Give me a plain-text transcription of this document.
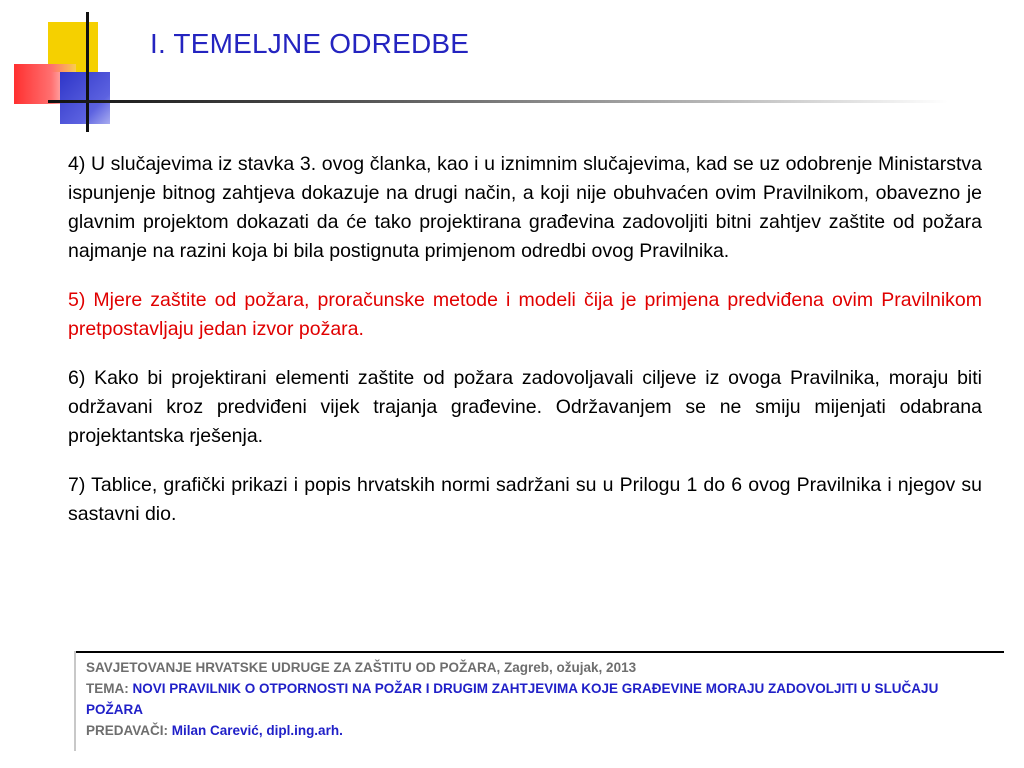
I. TEMELJNE ODREDBE

4) U slučajevima iz stavka 3. ovog članka, kao i u iznimnim slučajevima, kad se uz odobrenje Ministarstva ispunjenje bitnog zahtjeva dokazuje na drugi način, a koji nije obuhvaćen ovim Pravilnikom, obavezno je glavnim projektom dokazati da će tako projektirana građevina zadovoljiti bitni zahtjev zaštite od požara najmanje na razini koja bi bila postignuta primjenom odredbi ovog Pravilnika.

5) Mjere zaštite od požara, proračunske metode i modeli čija je primjena predviđena ovim Pravilnikom pretpostavljaju jedan izvor požara.

6) Kako bi projektirani elementi zaštite od požara zadovoljavali ciljeve iz ovoga Pravilnika, moraju biti održavani kroz predviđeni vijek trajanja građevine. Održavanjem se ne smiju mijenjati odabrana projektantska rješenja.

7) Tablice, grafički prikazi i popis hrvatskih normi sadržani su u Prilogu 1 do 6 ovog Pravilnika i njegov su sastavni dio.

SAVJETOVANJE HRVATSKE UDRUGE ZA ZAŠTITU OD POŽARA, Zagreb, ožujak, 2013
TEMA: NOVI PRAVILNIK O OTPORNOSTI NA POŽAR I DRUGIM ZAHTJEVIMA KOJE GRAĐEVINE MORAJU ZADOVOLJITI U SLUČAJU POŽARA
PREDAVAČI: Milan Carević, dipl.ing.arh.
